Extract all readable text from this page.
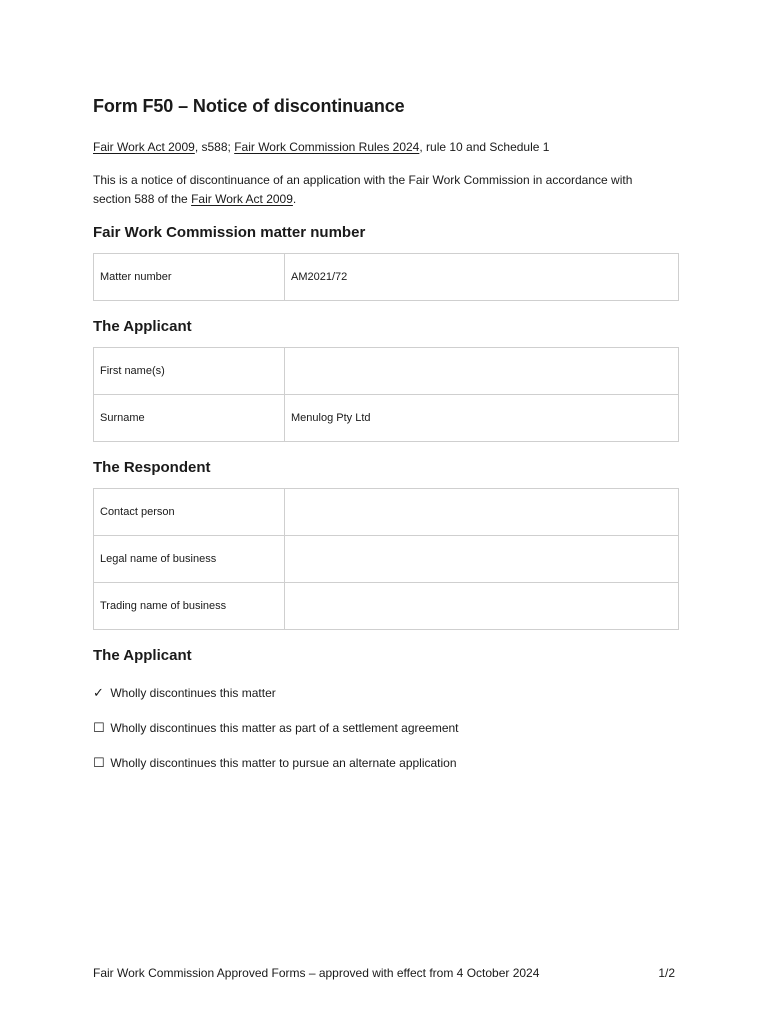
Form F50 – Notice of discontinuance
Fair Work Act 2009, s588; Fair Work Commission Rules 2024, rule 10 and Schedule 1
This is a notice of discontinuance of an application with the Fair Work Commission in accordance with section 588 of the Fair Work Act 2009.
Fair Work Commission matter number
Matter number	AM2021/72
The Applicant
First name(s)	
Surname	Menulog Pty Ltd
The Respondent
Contact person	
Legal name of business	
Trading name of business	
The Applicant
✓ Wholly discontinues this matter
☐ Wholly discontinues this matter as part of a settlement agreement
☐ Wholly discontinues this matter to pursue an alternate application
Fair Work Commission Approved Forms – approved with effect from 4 October 2024	1/2
